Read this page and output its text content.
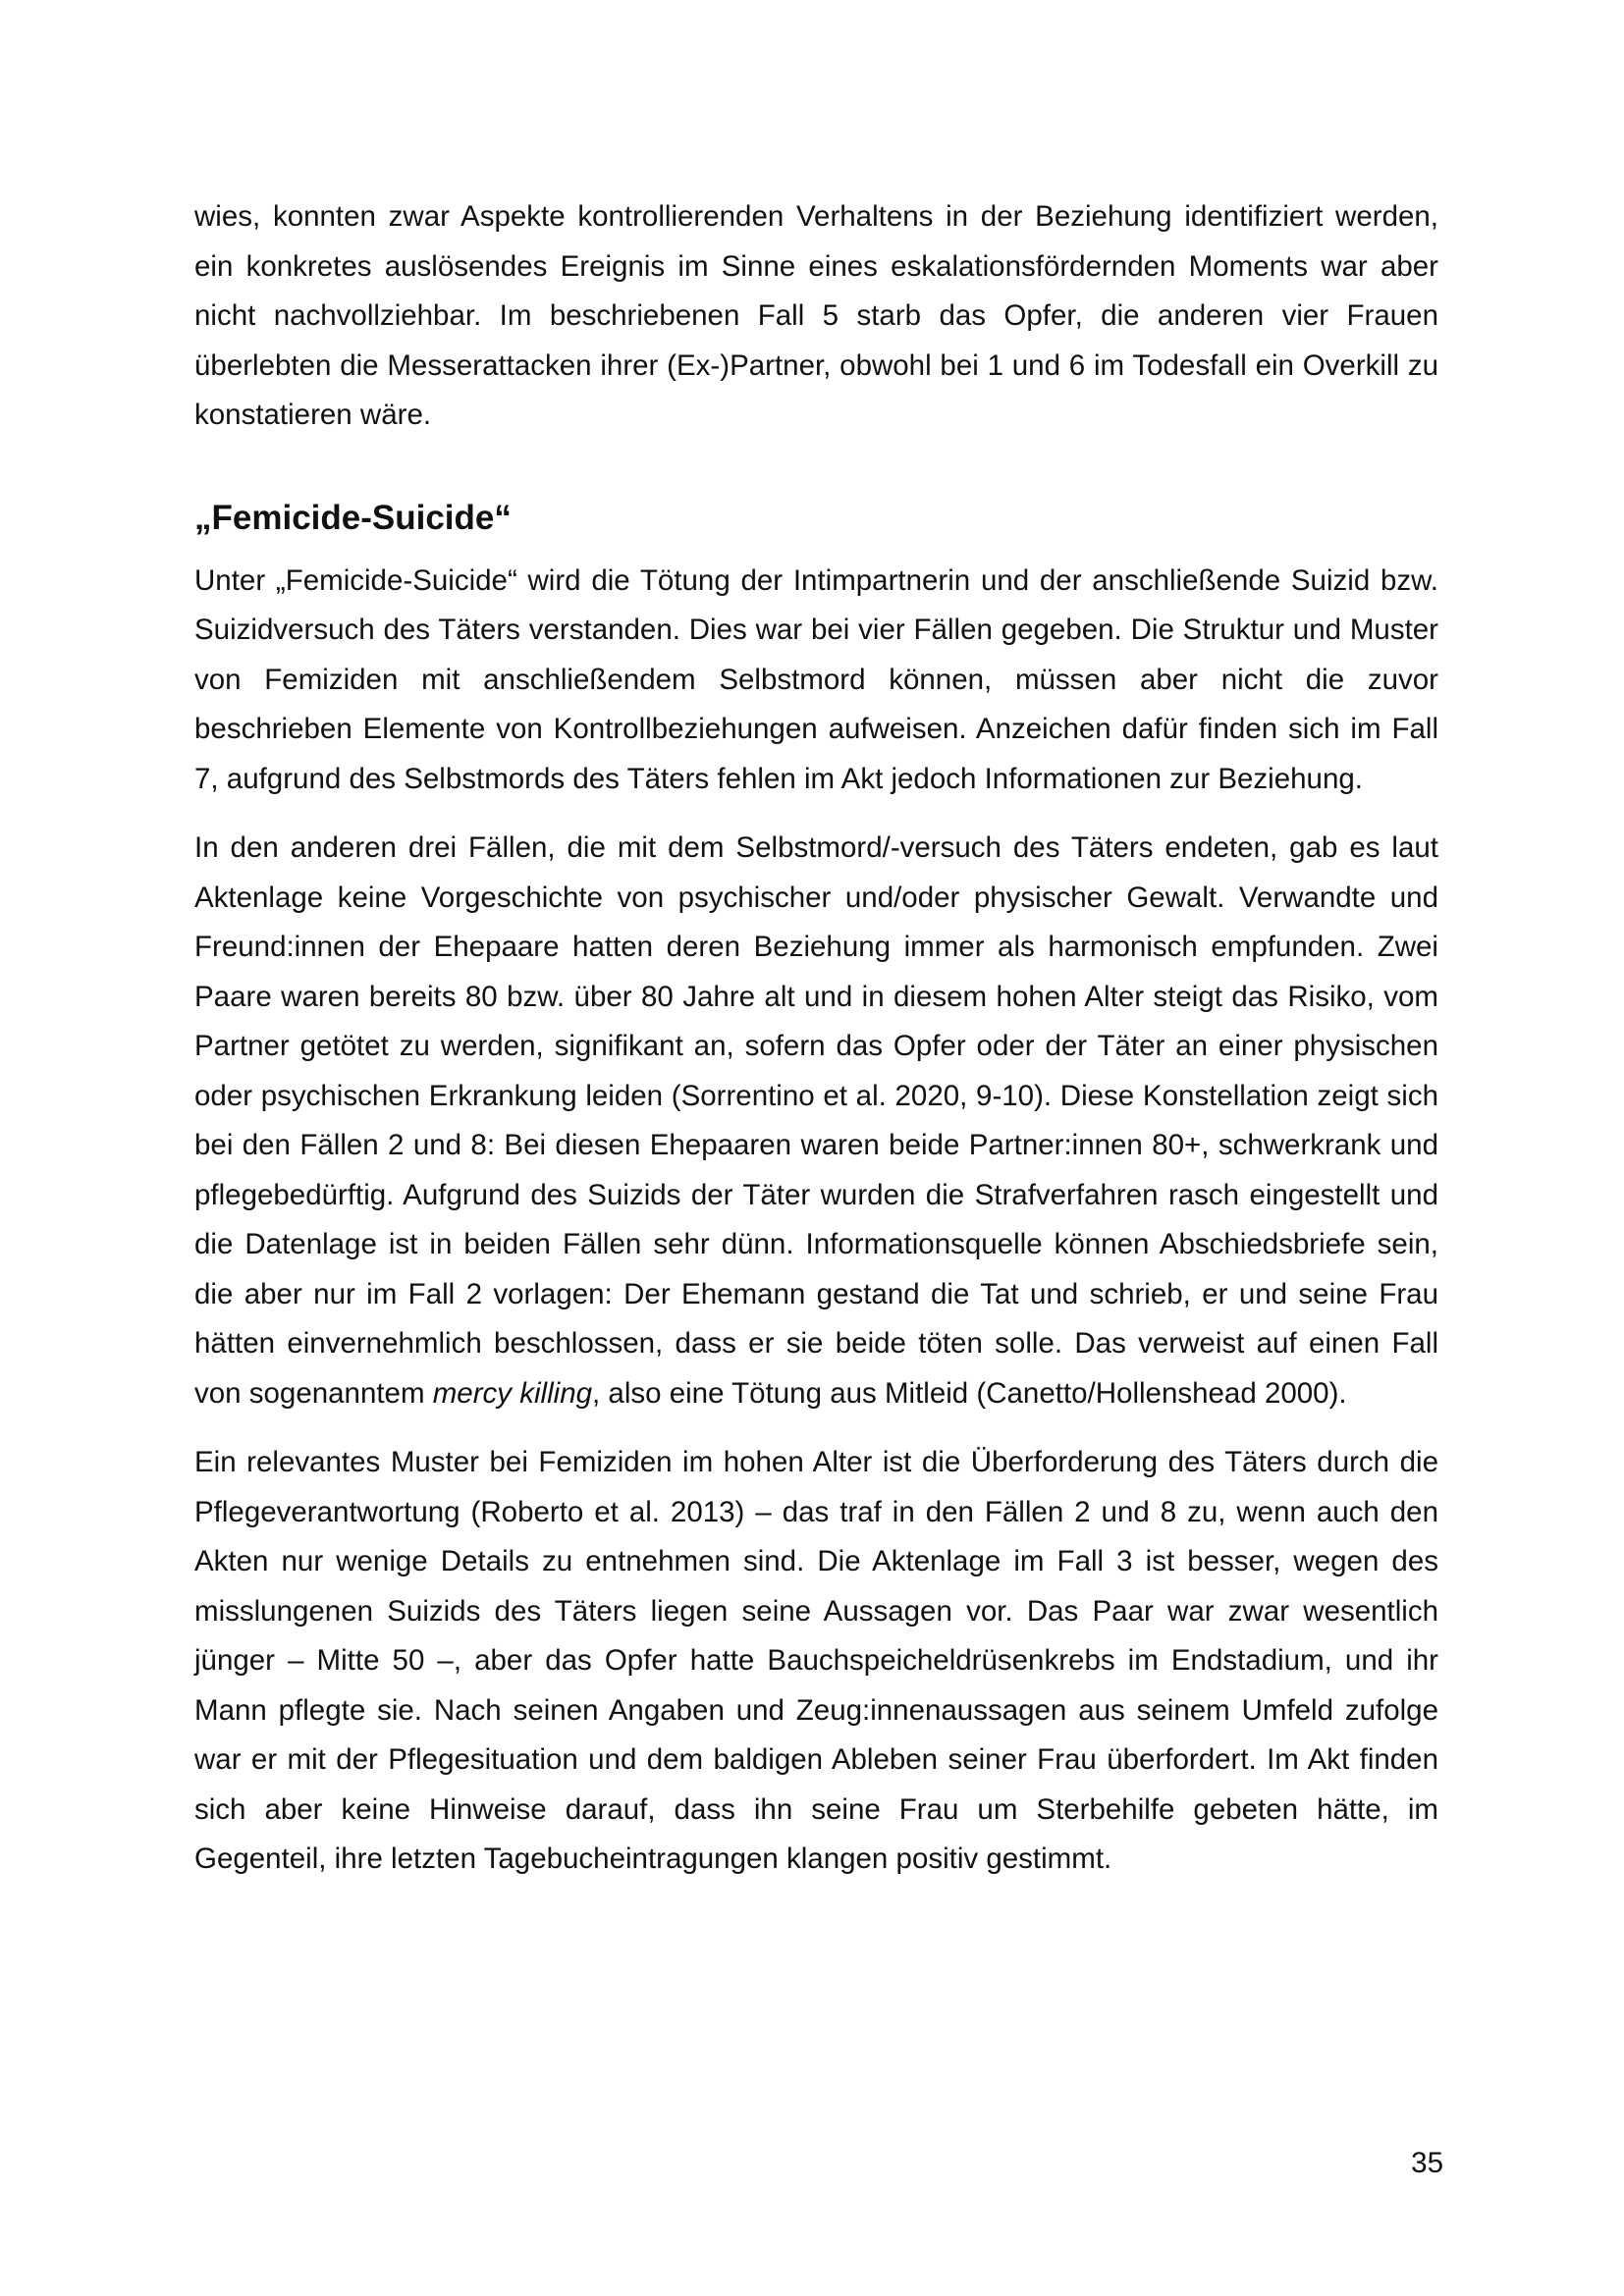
wies, konnten zwar Aspekte kontrollierenden Verhaltens in der Beziehung identifiziert werden, ein konkretes auslösendes Ereignis im Sinne eines eskalationsfördernden Moments war aber nicht nachvollziehbar. Im beschriebenen Fall 5 starb das Opfer, die anderen vier Frauen überlebten die Messerattacken ihrer (Ex-)Partner, obwohl bei 1 und 6 im Todesfall ein Overkill zu konstatieren wäre.

„Femicide-Suicide“

Unter „Femicide-Suicide“ wird die Tötung der Intimpartnerin und der anschließende Suizid bzw. Suizidversuch des Täters verstanden. Dies war bei vier Fällen gegeben. Die Struktur und Muster von Femiziden mit anschließendem Selbstmord können, müssen aber nicht die zuvor beschrieben Elemente von Kontrollbeziehungen aufweisen. Anzeichen dafür finden sich im Fall 7, aufgrund des Selbstmords des Täters fehlen im Akt jedoch Informationen zur Beziehung.

In den anderen drei Fällen, die mit dem Selbstmord/-versuch des Täters endeten, gab es laut Aktenlage keine Vorgeschichte von psychischer und/oder physischer Gewalt. Verwandte und Freund:innen der Ehepaare hatten deren Beziehung immer als harmonisch empfunden. Zwei Paare waren bereits 80 bzw. über 80 Jahre alt und in diesem hohen Alter steigt das Risiko, vom Partner getötet zu werden, signifikant an, sofern das Opfer oder der Täter an einer physischen oder psychischen Erkrankung leiden (Sorrentino et al. 2020, 9-10). Diese Konstellation zeigt sich bei den Fällen 2 und 8: Bei diesen Ehepaaren waren beide Partner:innen 80+, schwerkrank und pflegebedürftig. Aufgrund des Suizids der Täter wurden die Strafverfahren rasch eingestellt und die Datenlage ist in beiden Fällen sehr dünn. Informationsquelle können Abschiedsbriefe sein, die aber nur im Fall 2 vorlagen: Der Ehemann gestand die Tat und schrieb, er und seine Frau hätten einvernehmlich beschlossen, dass er sie beide töten solle. Das verweist auf einen Fall von sogenanntem mercy killing, also eine Tötung aus Mitleid (Canetto/Hollenshead 2000).

Ein relevantes Muster bei Femiziden im hohen Alter ist die Überforderung des Täters durch die Pflegeverantwortung (Roberto et al. 2013) – das traf in den Fällen 2 und 8 zu, wenn auch den Akten nur wenige Details zu entnehmen sind. Die Aktenlage im Fall 3 ist besser, wegen des misslungenen Suizids des Täters liegen seine Aussagen vor. Das Paar war zwar wesentlich jünger – Mitte 50 –, aber das Opfer hatte Bauchspeicheldrüsenkrebs im Endstadium, und ihr Mann pflegte sie. Nach seinen Angaben und Zeug:innenaussagen aus seinem Umfeld zufolge war er mit der Pflegesituation und dem baldigen Ableben seiner Frau überfordert. Im Akt finden sich aber keine Hinweise darauf, dass ihn seine Frau um Sterbehilfe gebeten hätte, im Gegenteil, ihre letzten Tagebucheintragungen klangen positiv gestimmt.

35
